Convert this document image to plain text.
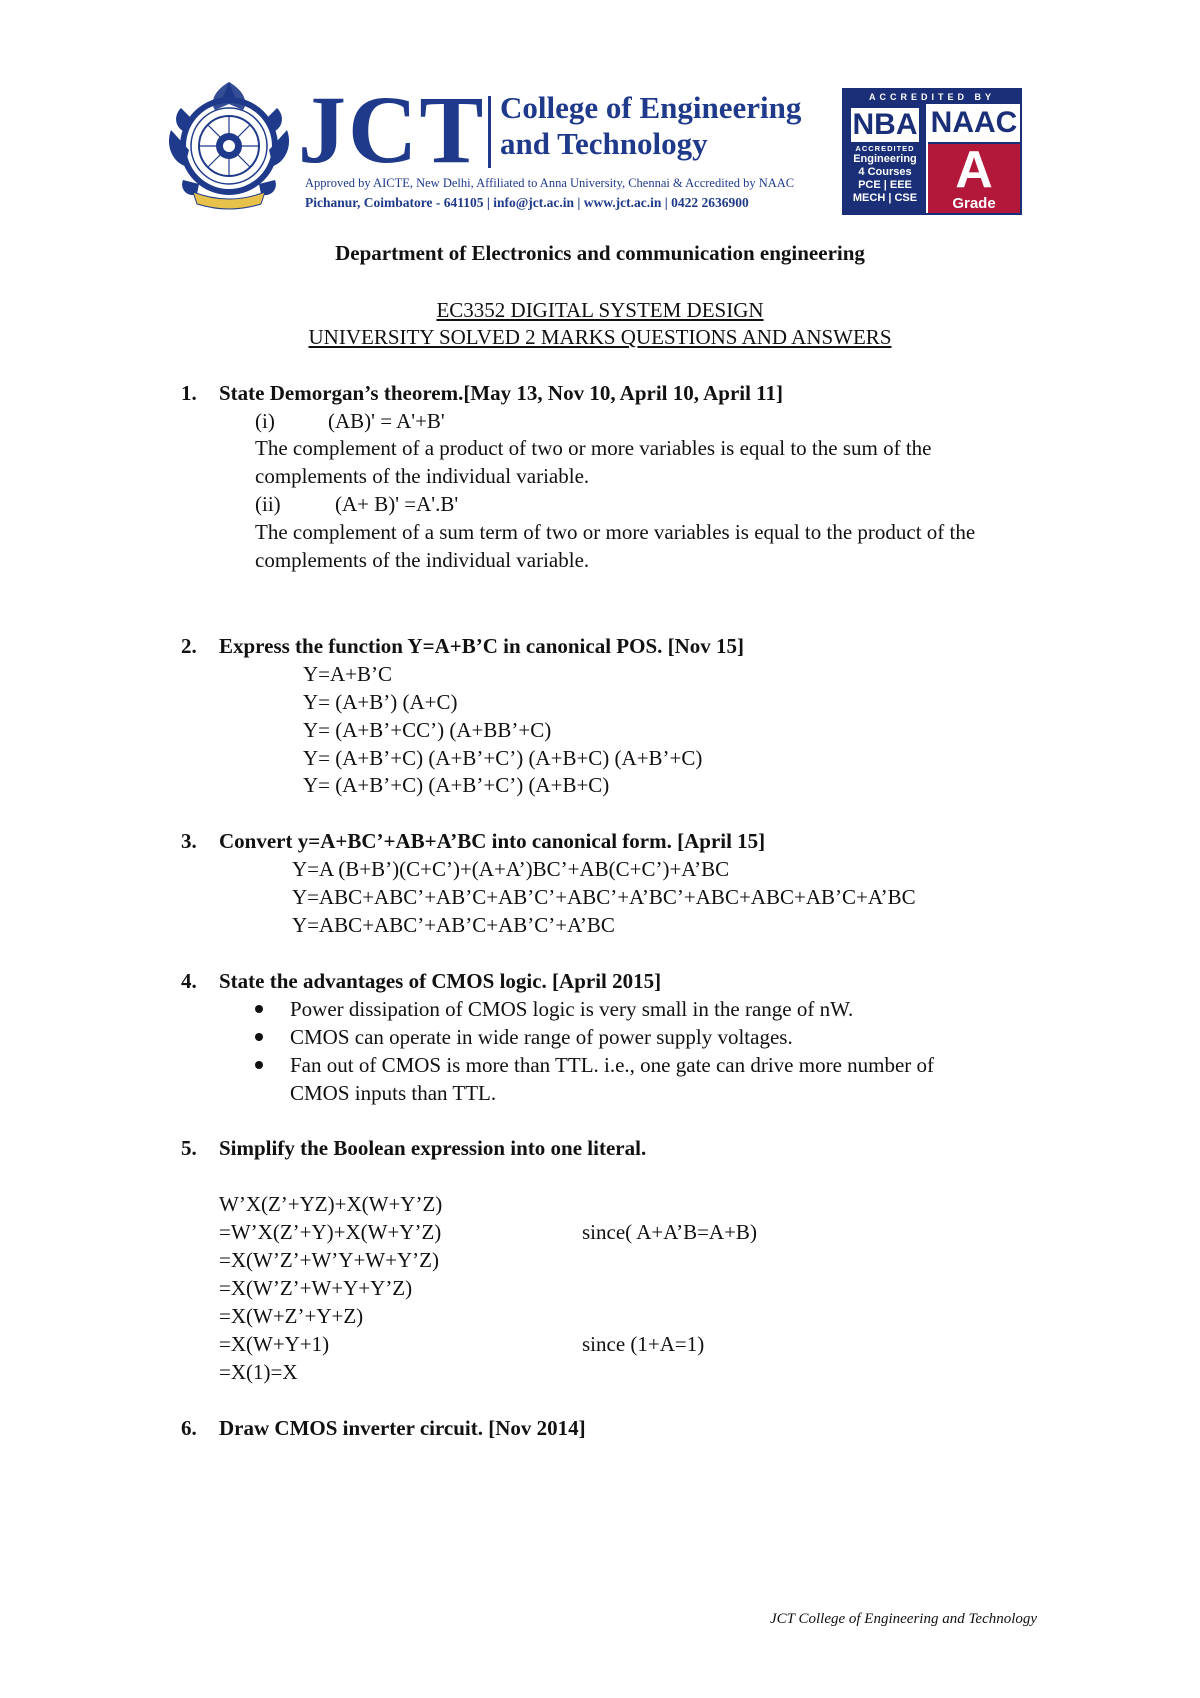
JCT College of Engineering
and Technology
Approved by AICTE, New Delhi, Affiliated to Anna University, Chennai & Accredited by NAAC
Pichanur, Coimbatore - 641105 | info@jct.ac.in | www.jct.ac.in | 0422 2636900
ACCREDITED BY
NBA
ACCREDITED
Engineering
4 Courses
PCE | EEE
MECH | CSE
NAAC
A
Grade
Department of Electronics and communication engineering
EC3352 DIGITAL SYSTEM DESIGN
UNIVERSITY SOLVED 2 MARKS QUESTIONS AND ANSWERS
1. State Demorgan’s theorem.[May 13, Nov 10, April 10, April 11]
(i)	(AB)' = A'+B'
The complement of a product of two or more variables is equal to the sum of the
complements of the individual variable.
(ii)	(A+ B)' =A'.B'
The complement of a sum term of two or more variables is equal to the product of the
complements of the individual variable.
2. Express the function Y=A+B’C in canonical POS. [Nov 15]
Y=A+B’C
Y= (A+B’) (A+C)
Y= (A+B’+CC’) (A+BB’+C)
Y= (A+B’+C) (A+B’+C’) (A+B+C) (A+B’+C)
Y= (A+B’+C) (A+B’+C’) (A+B+C)
3. Convert y=A+BC’+AB+A’BC into canonical form. [April 15]
Y=A (B+B’)(C+C’)+(A+A’)BC’+AB(C+C’)+A’BC
Y=ABC+ABC’+AB’C+AB’C’+ABC’+A’BC’+ABC+ABC+AB’C+A’BC
Y=ABC+ABC’+AB’C+AB’C’+A’BC
4. State the advantages of CMOS logic. [April 2015]
Power dissipation of CMOS logic is very small in the range of nW.
CMOS can operate in wide range of power supply voltages.
Fan out of CMOS is more than TTL. i.e., one gate can drive more number of
CMOS inputs than TTL.
5. Simplify the Boolean expression into one literal.
W’X(Z’+YZ)+X(W+Y’Z)
=W’X(Z’+Y)+X(W+Y’Z)	since( A+A’B=A+B)
=X(W’Z’+W’Y+W+Y’Z)
=X(W’Z’+W+Y+Y’Z)
=X(W+Z’+Y+Z)
=X(W+Y+1)	since (1+A=1)
=X(1)=X
6. Draw CMOS inverter circuit. [Nov 2014]
JCT College of Engineering and Technology
